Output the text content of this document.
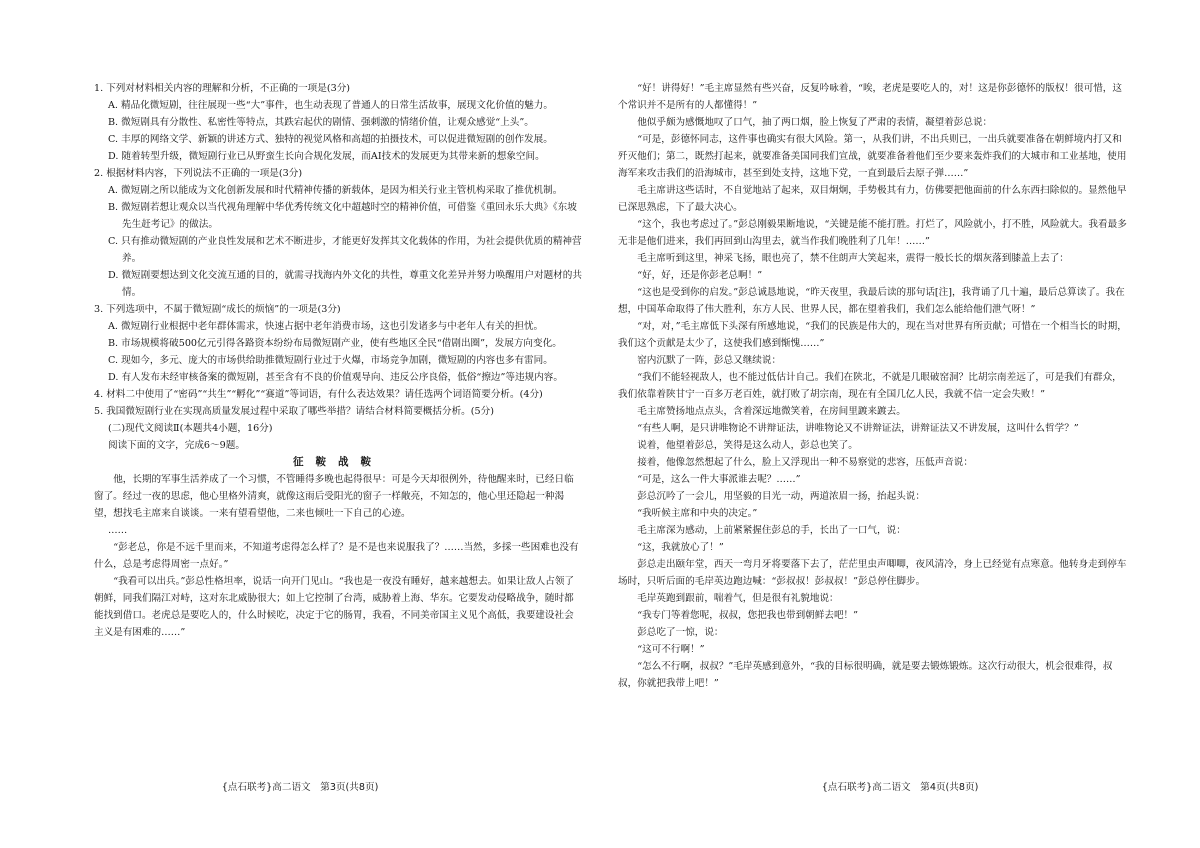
1. 下列对材料相关内容的理解和分析，不正确的一项是(3分)

A. 精品化微短剧，往往展现一些“大”事件，也生动表现了普通人的日常生活故事，展现文化价值的魅力。

B. 微短剧具有分散性、私密性等特点，其跌宕起伏的剧情、强刺激的情绪价值，让观众感觉“上头”。

C. 丰厚的网络文学、新颖的讲述方式、独特的视觉风格和高超的拍摄技术，可以促进微短剧的创作发展。

D. 随着转型升级，微短剧行业已从野蛮生长向合规化发展，而AI技术的发展更为其带来新的想象空间。

2. 根据材料内容，下列说法不正确的一项是(3分)

A. 微短剧之所以能成为文化创新发展和时代精神传播的新载体，是因为相关行业主管机构采取了推优机制。

B. 微短剧若想让观众以当代视角理解中华优秀传统文化中超越时空的精神价值，可借鉴《重回永乐大典》《东坡先生赶考记》的做法。

C. 只有推动微短剧的产业良性发展和艺术不断进步，才能更好发挥其文化载体的作用，为社会提供优质的精神营养。

D. 微短剧要想达到文化交流互通的目的，就需寻找海内外文化的共性，尊重文化差异并努力唤醒用户对题材的共情。

3. 下列选项中，不属于微短剧“成长的烦恼”的一项是(3分)

A. 微短剧行业根据中老年群体需求，快速占据中老年消费市场，这也引发诸多与中老年人有关的担忧。

B. 市场规模将破500亿元引得各路资本纷纷布局微短剧产业，使有些地区全民“借剧出圈”，发展方向变化。

C. 现如今，多元、庞大的市场供给助推微短剧行业过于火爆，市场竞争加剧，微短剧的内容也多有雷同。

D. 有人发布未经审核备案的微短剧，甚至含有不良的价值观导向、违反公序良俗，低俗“擦边”等违规内容。

4. 材料二中使用了“密码”“共生”“孵化”“赛道”等词语，有什么表达效果？请任选两个词语简要分析。(4分)

5. 我国微短剧行业在实现高质量发展过程中采取了哪些举措？请结合材料简要概括分析。(5分)

(二)现代文阅读Ⅱ(本题共4小题，16分)

阅读下面的文字，完成6～9题。

征鞍战鞍

他，长期的军事生活养成了一个习惯，不管睡得多晚也起得很早：可是今天却很例外，待他醒来时，已经日临窗了。经过一夜的思虑，他心里格外清爽，就像这雨后受阳光的窗子一样敞亮，不知怎的，他心里还隐起一种渴望，想找毛主席来自谈谈。一来有望看望他，二来也倾吐一下自己的心迹。

……

“彭老总，你是不远千里而来，不知道考虑得怎么样了？是不是也来说服我了？……当然，多採一些困难也没有什么，总是考虑得周密一点好。”

“我看可以出兵。”彭总性格坦率，说话一向开门见山。“我也是一夜没有睡好，越来越想去。如果让敌人占领了朝鲜，同我们隔江对峙，这对东北威胁很大；如上它控制了台湾，威胁着上海、华东。它要发动侵略战争，随时都能找到借口。老虎总是要吃人的，什么时候吃，决定于它的肠胃，我看，不同美帝国主义见个高低，我要建设社会主义是有困难的……”

{点石联考}高二语文　第3页(共8页)

“好！讲得好！”毛主席显然有些兴奋，反复吟咏着，“唉，老虎是要吃人的，对！这是你彭德怀的版权！很可惜，这个常识并不是所有的人都懂得！”

他似乎颇为感慨地叹了口气，抽了两口烟，脸上恢复了严肃的表情，凝望着彭总说：

“可是，彭德怀同志，这件事也确实有很大风险。第一，从我们讲，不出兵则已，一出兵就要准备在朝鲜境内打又和歼灭他们；第二，既然打起来，就要准备美国同我们宣战，就要准备着他们至少要来轰炸我们的大城市和工业基地，使用海军来攻击我们的沿海城市，甚至到处支持，这地下党，一直到最后去原子弹……”

毛主席讲这些话时，不自觉地站了起来，双目炯炯，手势极其有力，仿佛要把他面前的什么东西扫除似的。显然他早已深思熟虑，下了最大决心。

“这个，我也考虑过了。”彭总刚毅果断地说，“关键是能不能打胜。打烂了，风险就小，打不胜，风险就大。我看最多无非是他们进来，我们再回到山沟里去，就当作我们晚胜利了几年！……”

毛主席听到这里，神采飞扬，眼也亮了，禁不住朗声大笑起来，震得一般长长的烟灰落到膝盖上去了：

“好，好，还是你彭老总啊！”

“这也是受到你的启发。”彭总诚恳地说，“昨天夜里，我最后读的那句话[注]，我背诵了几十遍，最后总算读了。我在想，中国革命取得了伟大胜利，东方人民、世界人民，都在望着我们，我们怎么能给他们泄气呀！”

“对，对，”毛主席低下头深有所感地说，“我们的民族是伟大的，现在当对世界有所贡献；可惜在一个相当长的时期，我们这个贡献是太少了，这使我们感到惭愧……”

窑内沉默了一阵，彭总又继续说：

“我们不能轻视敌人，也不能过低估计自己。我们在陕北，不就是几眼破窑洞？比胡宗南差远了，可是我们有群众，我们依靠着陕甘宁一百多万老百姓，就打败了胡宗南，现在有全国几亿人民，我就不信一定会失败！”

毛主席赞扬地点点头，含着深远地微笑着，在房间里踱来踱去。

“有些人啊，是只讲唯物论不讲辩证法，讲唯物论又不讲辩证法，讲辩证法又不讲发展，这叫什么哲学？”

说着，他望着彭总，笑得是这么动人，彭总也笑了。

接着，他像忽然想起了什么，脸上又浮现出一种不易察觉的悲容，压低声音说：

“可是，这么一件大事派谁去呢？……”

彭总沉吟了一会儿，用坚毅的目光一动，两道浓眉一扬，抬起头说：

“我听候主席和中央的决定。”

毛主席深为感动，上前紧紧握住彭总的手，长出了一口气，说：

“这，我就放心了！”

彭总走出颐年堂，西天一弯月牙将要落下去了，茫茫里虫声唧唧，夜风清冷，身上已经觉有点寒意。他转身走到停车场时，只听后面的毛岸英边跑边喊：“彭叔叔！彭叔叔！”彭总停住脚步。

毛岸英跑到跟前，喘着气，但是很有礼貌地说：

“我专门等着您呢，叔叔，您把我也带到朝鲜去吧！”

彭总吃了一惊，说：

“这可不行啊！”

“怎么不行啊，叔叔？”毛岸英感到意外，“我的目标很明确，就是要去锻炼锻炼。这次行动很大，机会很难得，叔叔，你就把我带上吧！”

{点石联考}高二语文　第4页(共8页)
